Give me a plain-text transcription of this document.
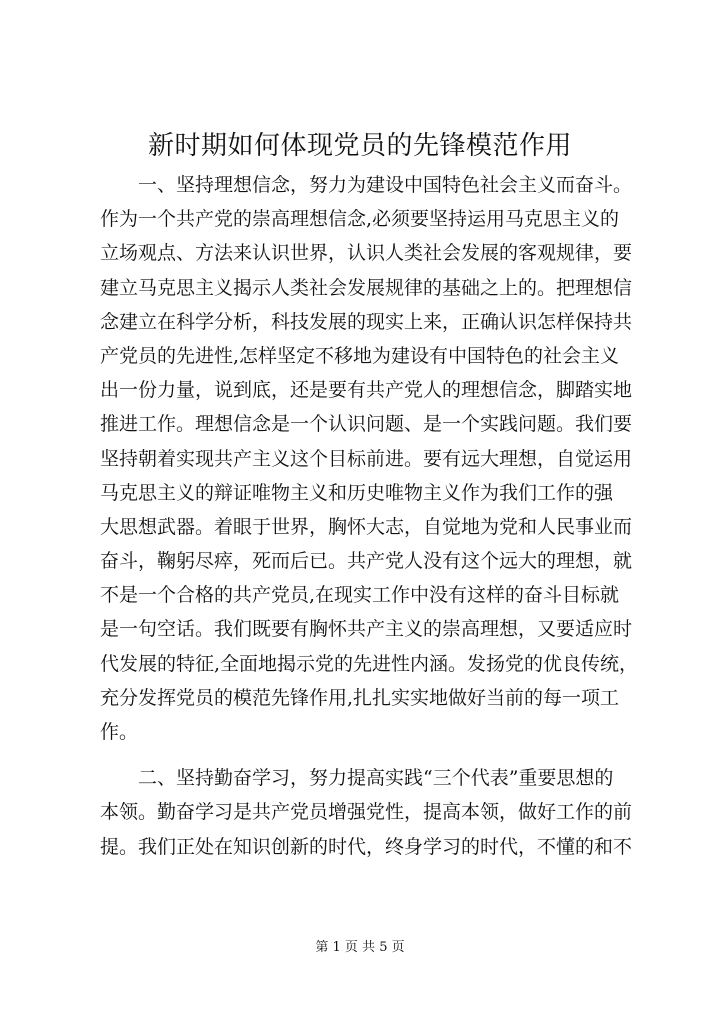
新时期如何体现党员的先锋模范作用
一、坚持理想信念，努力为建设中国特色社会主义而奋斗。
作为一个共产党的崇高理想信念,必须要坚持运用马克思主义的
立场观点、方法来认识世界，认识人类社会发展的客观规律，要
建立马克思主义揭示人类社会发展规律的基础之上的。把理想信
念建立在科学分析，科技发展的现实上来，正确认识怎样保持共
产党员的先进性,怎样坚定不移地为建设有中国特色的社会主义
出一份力量，说到底，还是要有共产党人的理想信念，脚踏实地
推进工作。理想信念是一个认识问题、是一个实践问题。我们要
坚持朝着实现共产主义这个目标前进。要有远大理想，自觉运用
马克思主义的辩证唯物主义和历史唯物主义作为我们工作的强
大思想武器。着眼于世界，胸怀大志，自觉地为党和人民事业而
奋斗，鞠躬尽瘁，死而后已。共产党人没有这个远大的理想，就
不是一个合格的共产党员,在现实工作中没有这样的奋斗目标就
是一句空话。我们既要有胸怀共产主义的崇高理想，又要适应时
代发展的特征,全面地揭示党的先进性内涵。发扬党的优良传统，
充分发挥党员的模范先锋作用,扎扎实实地做好当前的每一项工
作。
二、坚持勤奋学习，努力提高实践“三个代表”重要思想的
本领。勤奋学习是共产党员增强党性，提高本领，做好工作的前
提。我们正处在知识创新的时代，终身学习的时代，不懂的和不
第 1 页 共 5 页
